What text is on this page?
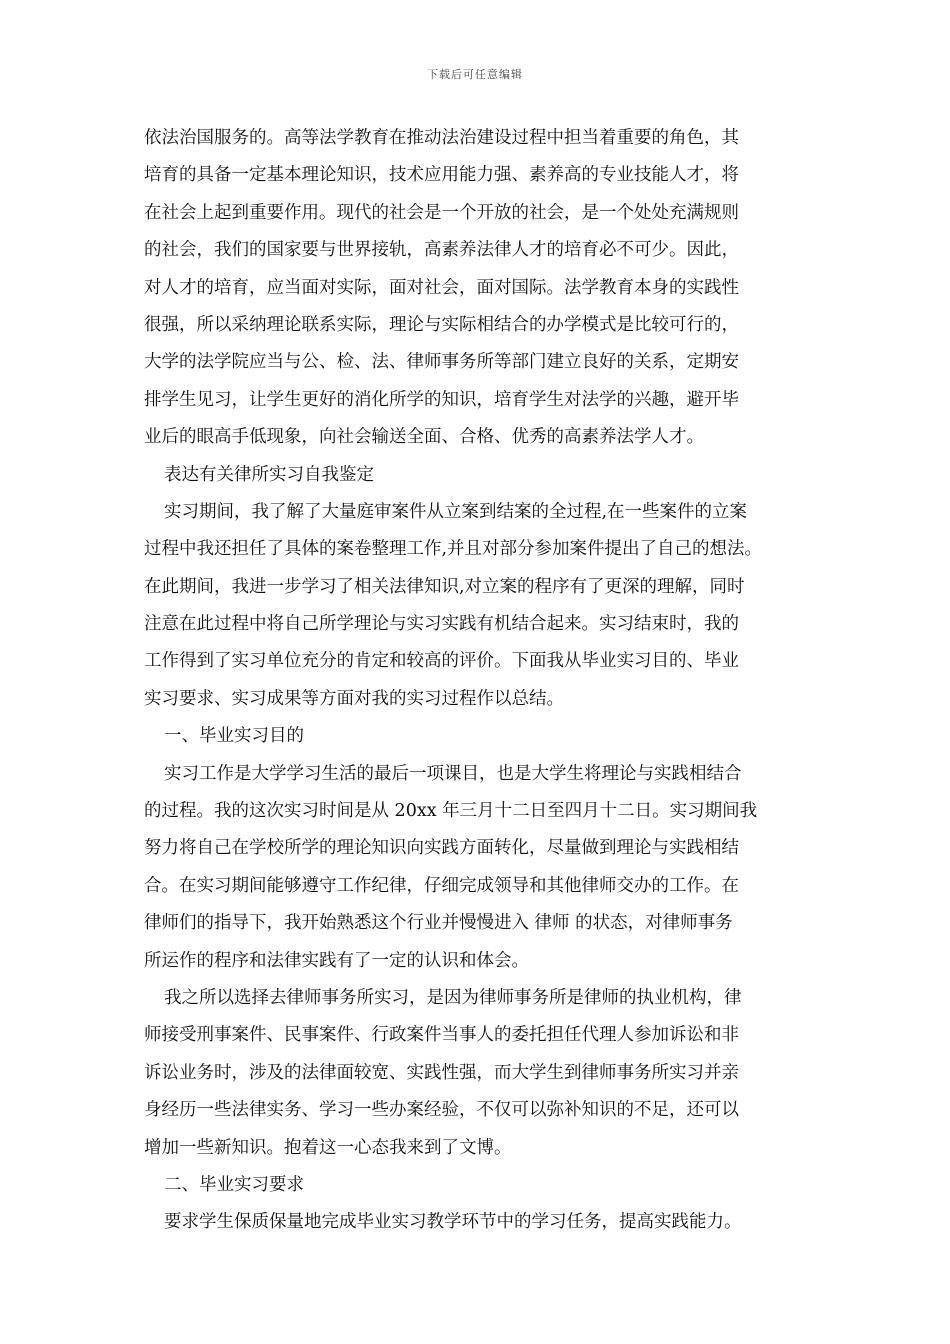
下载后可任意编辑
依法治国服务的。高等法学教育在推动法治建设过程中担当着重要的角色，其
培育的具备一定基本理论知识，技术应用能力强、素养高的专业技能人才，将
在社会上起到重要作用。现代的社会是一个开放的社会，是一个处处充满规则
的社会，我们的国家要与世界接轨，高素养法律人才的培育必不可少。因此，
对人才的培育，应当面对实际，面对社会，面对国际。法学教育本身的实践性
很强，所以采纳理论联系实际，理论与实际相结合的办学模式是比较可行的，
大学的法学院应当与公、检、法、律师事务所等部门建立良好的关系，定期安
排学生见习，让学生更好的消化所学的知识，培育学生对法学的兴趣，避开毕
业后的眼高手低现象，向社会输送全面、合格、优秀的高素养法学人才。
表达有关律所实习自我鉴定
实习期间，我了解了大量庭审案件从立案到结案的全过程,在一些案件的立案
过程中我还担任了具体的案卷整理工作,并且对部分参加案件提出了自己的想法。
在此期间，我进一步学习了相关法律知识,对立案的程序有了更深的理解，同时
注意在此过程中将自己所学理论与实习实践有机结合起来。实习结束时，我的
工作得到了实习单位充分的肯定和较高的评价。下面我从毕业实习目的、毕业
实习要求、实习成果等方面对我的实习过程作以总结。
一、毕业实习目的
实习工作是大学学习生活的最后一项课目，也是大学生将理论与实践相结合
的过程。我的这次实习时间是从 20xx 年三月十二日至四月十二日。实习期间我
努力将自己在学校所学的理论知识向实践方面转化，尽量做到理论与实践相结
合。在实习期间能够遵守工作纪律，仔细完成领导和其他律师交办的工作。在
律师们的指导下，我开始熟悉这个行业并慢慢进入 律师 的状态，对律师事务
所运作的程序和法律实践有了一定的认识和体会。
我之所以选择去律师事务所实习，是因为律师事务所是律师的执业机构，律
师接受刑事案件、民事案件、行政案件当事人的委托担任代理人参加诉讼和非
诉讼业务时，涉及的法律面较宽、实践性强，而大学生到律师事务所实习并亲
身经历一些法律实务、学习一些办案经验，不仅可以弥补知识的不足，还可以
增加一些新知识。抱着这一心态我来到了文博。
二、毕业实习要求
要求学生保质保量地完成毕业实习教学环节中的学习任务，提高实践能力。
